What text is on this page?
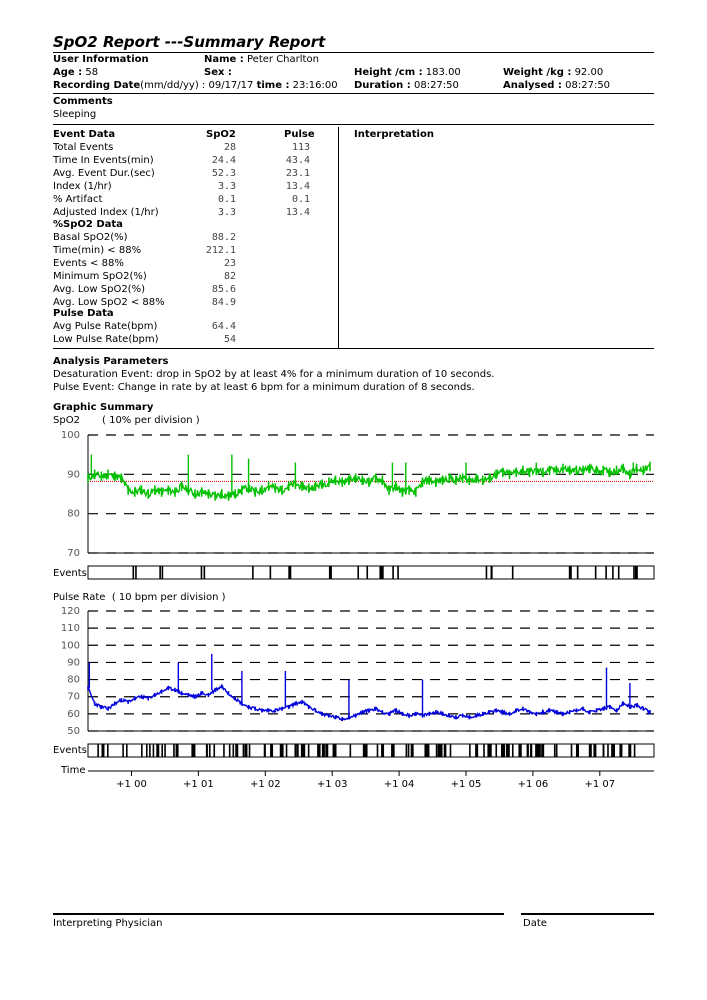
SpO2 Report ---Summary Report
User Information	Name : Peter Charlton
Age : 58	Sex :	Height /cm : 183.00	Weight /kg : 92.00
Recording Date(mm/dd/yy) : 09/17/17 time : 23:16:00 Duration : 08:27:50	Analysed : 08:27:50
Comments
Sleeping
Event Data	SpO2	Pulse	Interpretation
Total Events	28	113
Time In Events(min)	24.4	43.4
Avg. Event Dur.(sec)	52.3	23.1
Index (1/hr)	3.3	13.4
% Artifact	0.1	0.1
Adjusted Index (1/hr)	3.3	13.4
%SpO2 Data
Basal SpO2(%)	88.2
Time(min) < 88%	212.1
Events < 88%	23
Minimum SpO2(%)	82
Avg. Low SpO2(%)	85.6
Avg. Low SpO2 < 88%	84.9
Pulse Data
Avg Pulse Rate(bpm)	64.4
Low Pulse Rate(bpm)	54
Analysis Parameters
Desaturation Event: drop in SpO2 by at least 4% for a minimum duration of 10 seconds.
Pulse Event: Change in rate by at least 6 bpm for a minimum duration of 8 seconds.
Graphic Summary
SpO2 ( 10% per division )
100
90
80
70
Events
Pulse Rate ( 10 bpm per division )
120
110
100
90
80
70
60
50
+1 00	+1 01	+1 02	+1 03	+1 04	+1 05	+1 06	+1 07
Events
Time
Interpreting Physician	Date
